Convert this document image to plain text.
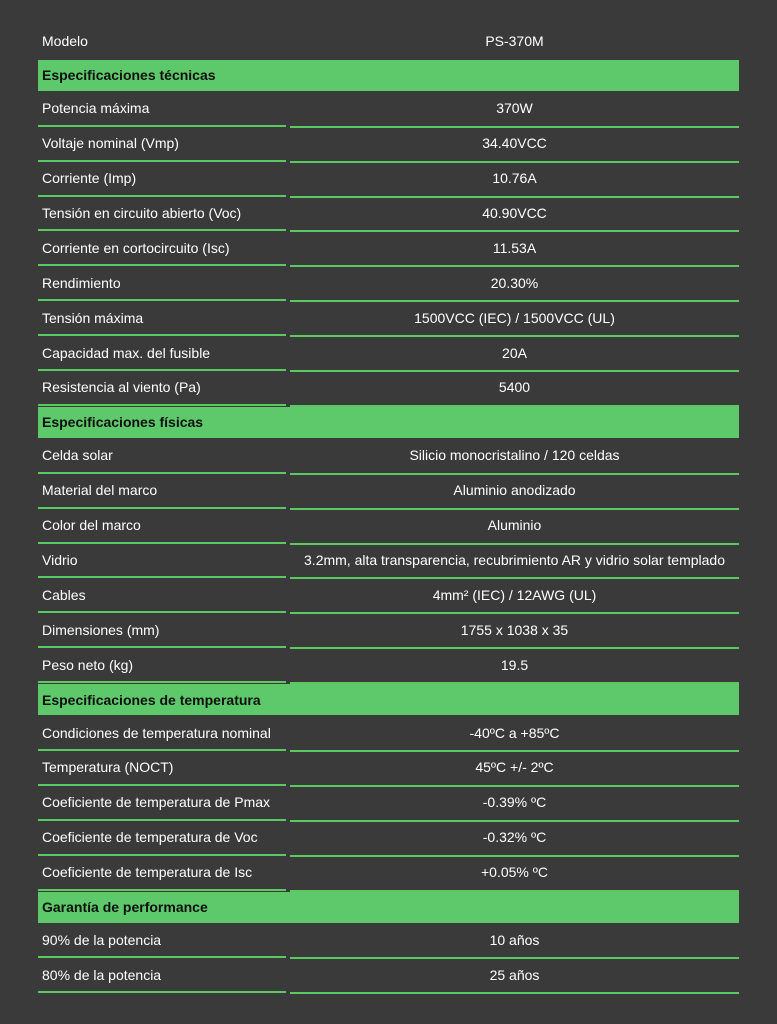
Modelo	PS-370M
Especificaciones técnicas
Potencia máxima	370W
Voltaje nominal (Vmp)	34.40VCC
Corriente (Imp)	10.76A
Tensión en circuito abierto (Voc)	40.90VCC
Corriente en cortocircuito (Isc)	11.53A
Rendimiento	20.30%
Tensión máxima	1500VCC (IEC) / 1500VCC (UL)
Capacidad max. del fusible	20A
Resistencia al viento (Pa)	5400
Especificaciones físicas
Celda solar	Silicio monocristalino / 120 celdas
Material del marco	Aluminio anodizado
Color del marco	Aluminio
Vidrio	3.2mm, alta transparencia, recubrimiento AR y vidrio solar templado
Cables	4mm² (IEC) / 12AWG (UL)
Dimensiones (mm)	1755 x 1038 x 35
Peso neto (kg)	19.5
Especificaciones de temperatura
Condiciones de temperatura nominal	-40ºC a +85ºC
Temperatura (NOCT)	45ºC +/- 2ºC
Coeficiente de temperatura de Pmax	-0.39% ºC
Coeficiente de temperatura de Voc	-0.32% ºC
Coeficiente de temperatura de Isc	+0.05% ºC
Garantía de performance
90% de la potencia	10 años
80% de la potencia	25 años
